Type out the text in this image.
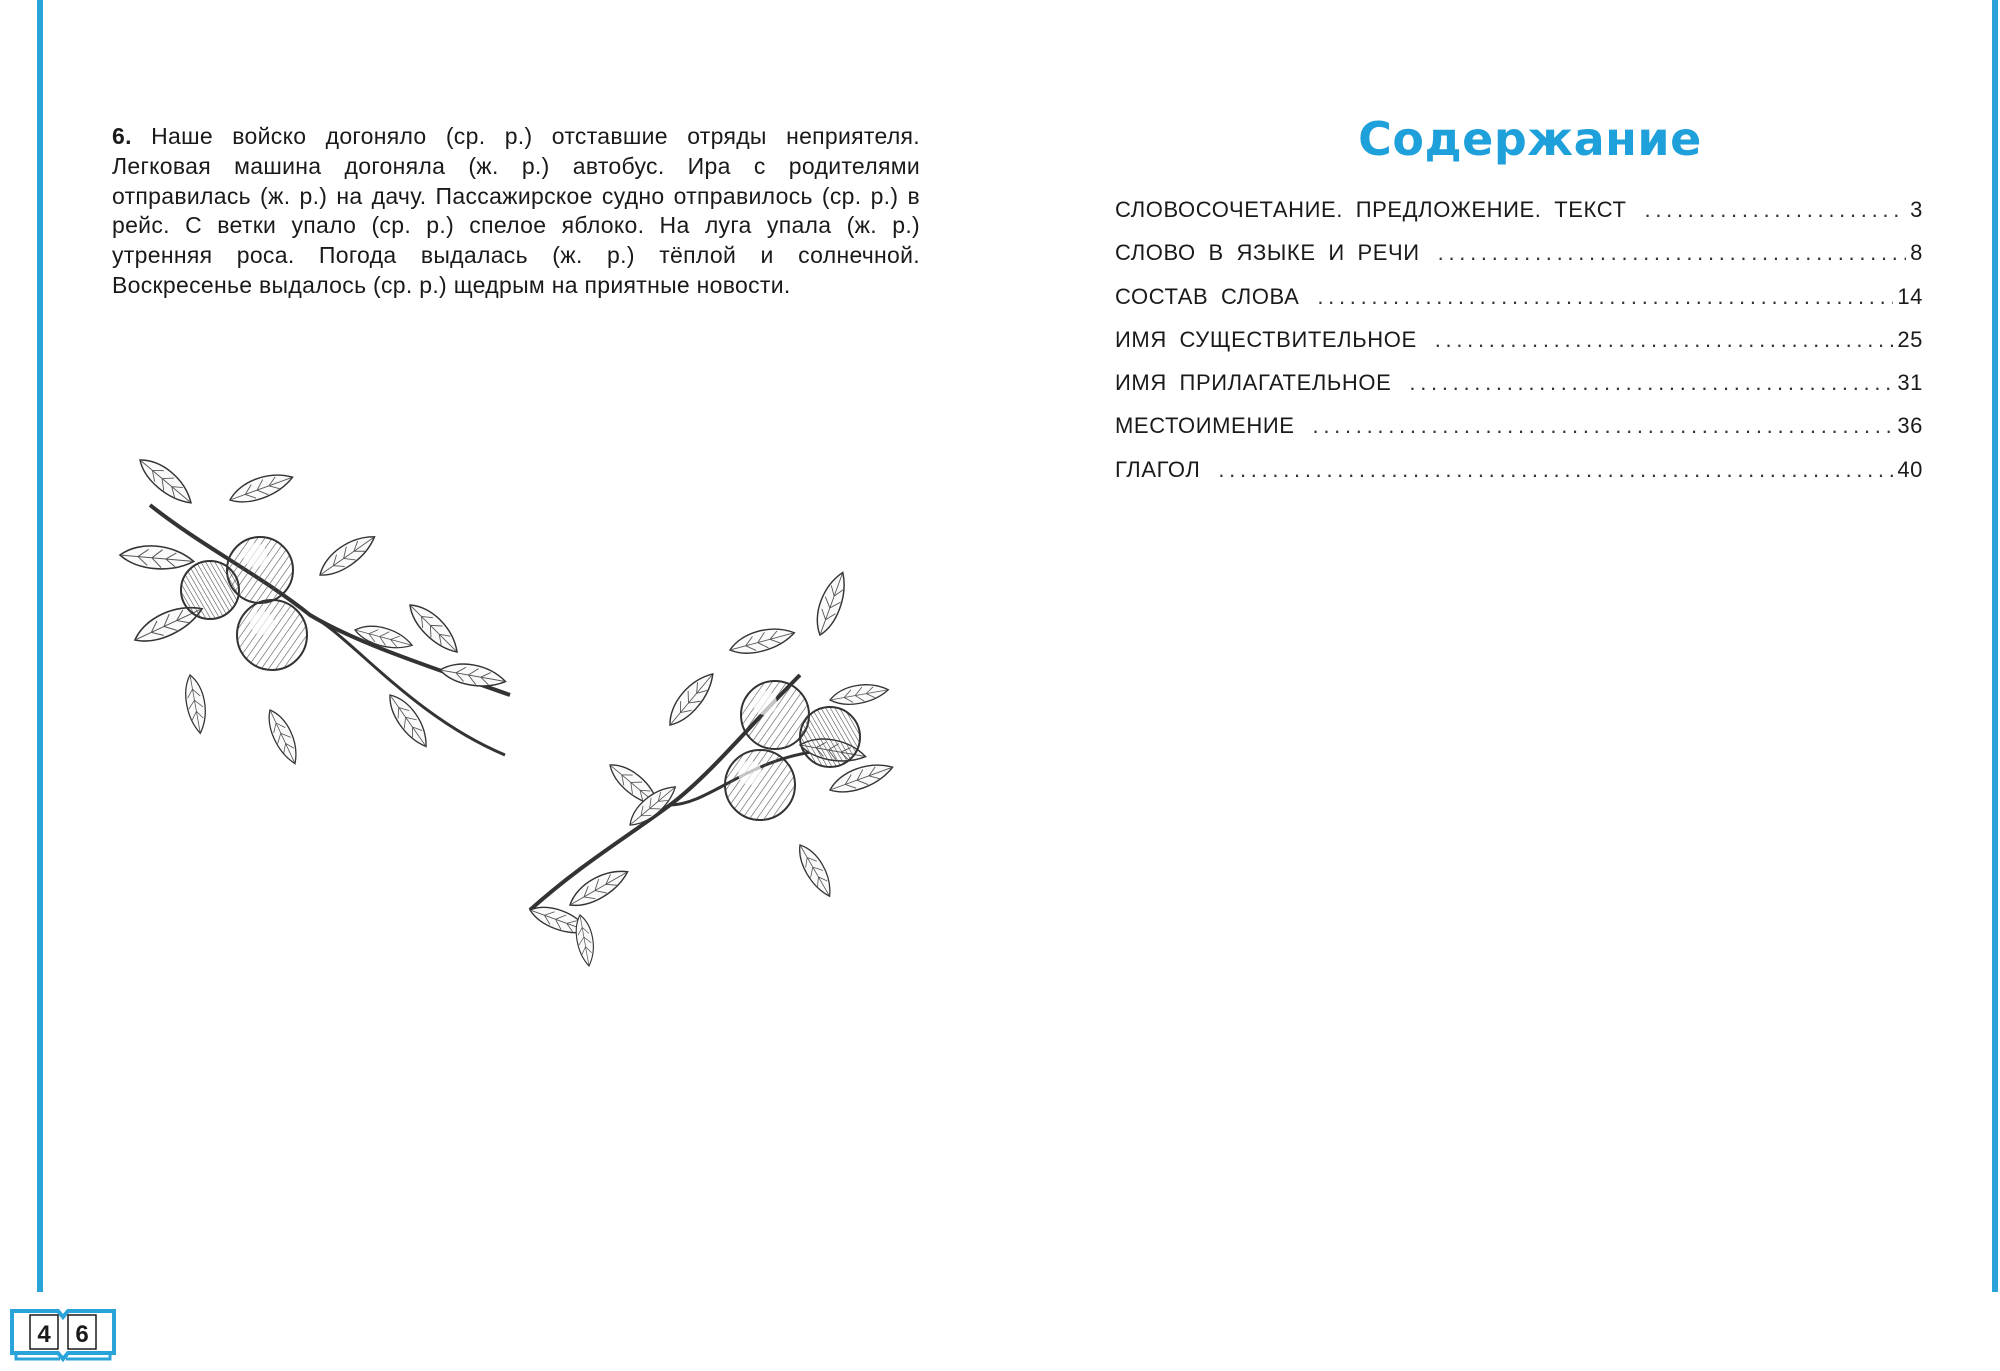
6. Наше войско догоняло (ср. р.) отставшие отряды неприятеля. Легковая машина догоняла (ж. р.) автобус. Ира с родителями отправилась (ж. р.) на дачу. Пассажирское судно отправилось (ср. р.) в рейс. С ветки упало (ср. р.) спелое яблоко. На луга упала (ж. р.) утренняя роса. Погода выдалась (ж. р.) тёплой и солнечной. Воскресенье выдалось (ср. р.) щедрым на приятные новости.
Содержание
СЛОВОСОЧЕТАНИЕ. ПРЕДЛОЖЕНИЕ. ТЕКСТ .....	3
СЛОВО В ЯЗЫКЕ И РЕЧИ .....	8
СОСТАВ СЛОВА .....	14
ИМЯ СУЩЕСТВИТЕЛЬНОЕ .....	25
ИМЯ ПРИЛАГАТЕЛЬНОЕ .....	31
МЕСТОИМЕНИЕ .....	36
ГЛАГОЛ .....	40
4 6
